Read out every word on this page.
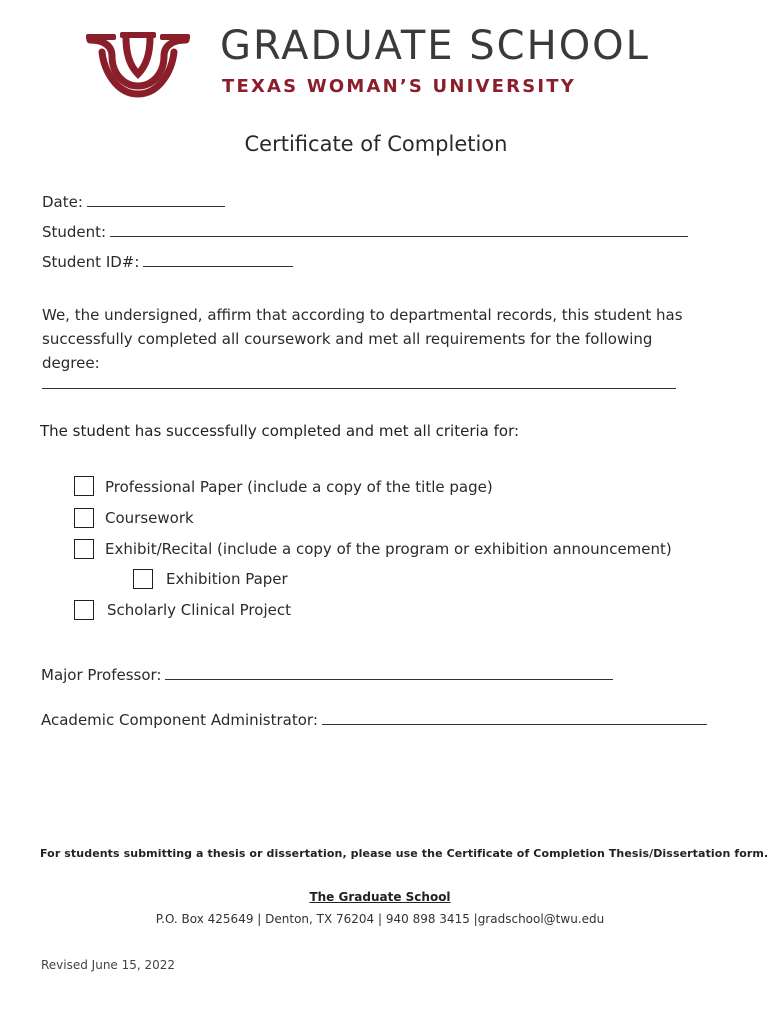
GRADUATE SCHOOL
TEXAS WOMAN’S UNIVERSITY
Certificate of Completion
Date:
Student:
Student ID#:
We, the undersigned, affirm that according to departmental records, this student has successfully completed all coursework and met all requirements for the following degree:
The student has successfully completed and met all criteria for:
Professional Paper (include a copy of the title page)
Coursework
Exhibit/Recital (include a copy of the program or exhibition announcement)
Exhibition Paper
Scholarly Clinical Project
Major Professor:
Academic Component Administrator:
For students submitting a thesis or dissertation, please use the Certificate of Completion Thesis/Dissertation form.
The Graduate School
P.O. Box 425649 | Denton, TX 76204 | 940 898 3415 |gradschool@twu.edu
Revised June 15, 2022
